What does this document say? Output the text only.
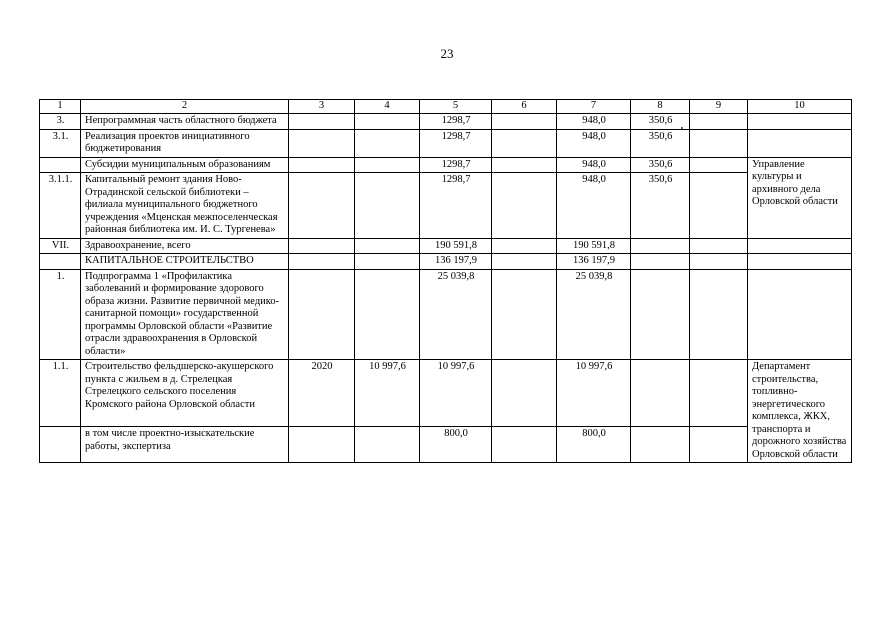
23
1	2	3	4	5	6	7	8	9	10
3.	Непрограммная часть областного бюджета			1298,7		948,0	350,6		
3.1.	Реализация проектов инициативного бюджетирования			1298,7		948,0	350,6		
	Субсидии муниципальным образованиям			1298,7		948,0	350,6		Управление культуры и архивного дела Орловской области
3.1.1.	Капитальный ремонт здания Ново-Отрадинской сельской библиотеки – филиала муниципального бюджетного учреждения «Мценская межпоселенческая районная библиотека им. И. С. Тургенева»			1298,7		948,0	350,6		
VII.	Здравоохранение, всего			190 591,8		190 591,8			
	КАПИТАЛЬНОЕ СТРОИТЕЛЬСТВО			136 197,9		136 197,9			
1.	Подпрограмма 1 «Профилактика заболеваний и формирование здорового образа жизни. Развитие первичной медико-санитарной помощи» государственной программы Орловской области «Развитие отрасли здравоохранения в Орловской области»			25 039,8		25 039,8			
1.1.	Строительство фельдшерско-акушерского пункта с жильем в д. Стрелецкая Стрелецкого сельского поселения Кромского района Орловской области	2020	10 997,6	10 997,6		10 997,6			Департамент строительства, топливно-энергетического комплекса, ЖКХ, транспорта и дорожного хозяйства Орловской области
	в том числе проектно-изыскательские работы, экспертиза			800,0		800,0			
